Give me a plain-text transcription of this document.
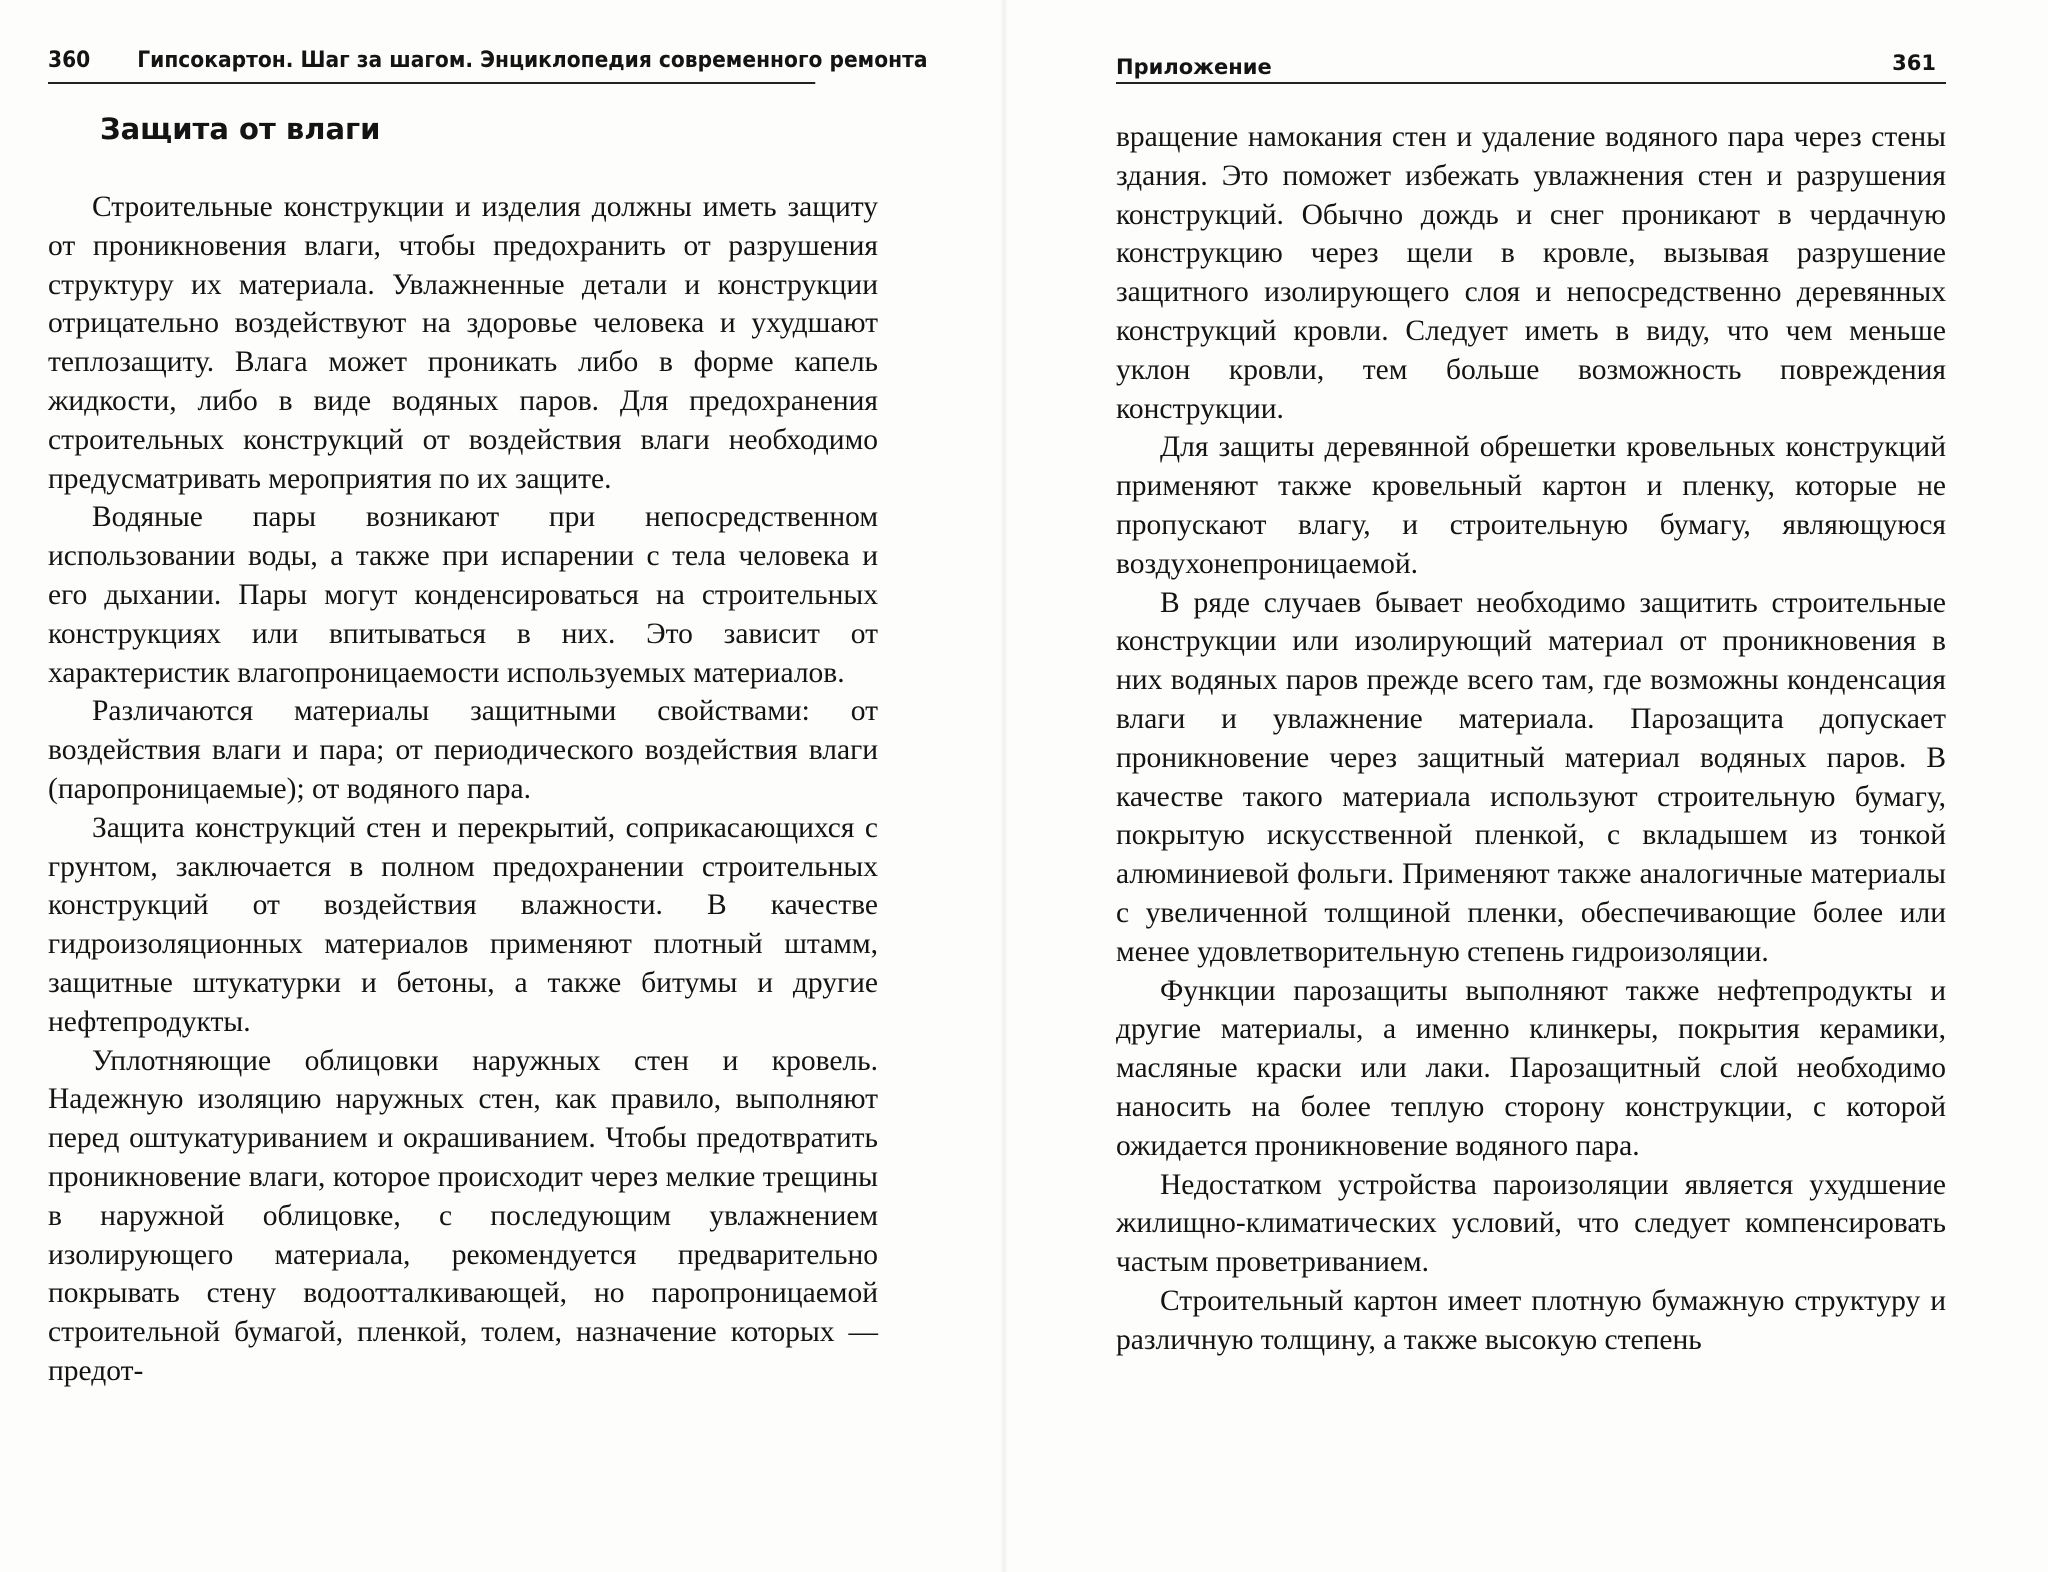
360 Гипсокартон. Шаг за шагом. Энциклопедия современного ремонта
Защита от влаги

Строительные конструкции и изделия должны иметь защиту от проникновения влаги, чтобы предохранить от разрушения структуру их материала. Увлажненные детали и конструкции отрицательно воздействуют на здоровье человека и ухудшают теплозащиту. Влага может проникать либо в форме капель жидкости, либо в виде водяных паров. Для предохранения строительных конструкций от воздействия влаги необходимо предусматривать мероприятия по их защите.

Водяные пары возникают при непосредственном использовании воды, а также при испарении с тела человека и его дыхании. Пары могут конденсироваться на строительных конструкциях или впитываться в них. Это зависит от характеристик влагопроницаемости используемых материалов.

Различаются материалы защитными свойствами: от воздействия влаги и пара; от периодического воздействия влаги (паропроницаемые); от водяного пара.

Защита конструкций стен и перекрытий, соприкасающихся с грунтом, заключается в полном предохранении строительных конструкций от воздействия влажности. В качестве гидроизоляционных материалов применяют плотный штамм, защитные штукатурки и бетоны, а также битумы и другие нефтепродукты.

Уплотняющие облицовки наружных стен и кровель. Надежную изоляцию наружных стен, как правило, выполняют перед оштукатуриванием и окрашиванием. Чтобы предотвратить проникновение влаги, которое происходит через мелкие трещины в наружной облицовке, с последующим увлажнением изолирующего материала, рекомендуется предварительно покрывать стену водоотталкивающей, но паропроницаемой строительной бумагой, пленкой, толем, назначение которых — предот-

Приложение	361

вращение намокания стен и удаление водяного пара через стены здания. Это поможет избежать увлажнения стен и разрушения конструкций. Обычно дождь и снег проникают в чердачную конструкцию через щели в кровле, вызывая разрушение защитного изолирующего слоя и непосредственно деревянных конструкций кровли. Следует иметь в виду, что чем меньше уклон кровли, тем больше возможность повреждения конструкции.

Для защиты деревянной обрешетки кровельных конструкций применяют также кровельный картон и пленку, которые не пропускают влагу, и строительную бумагу, являющуюся воздухонепроницаемой.

В ряде случаев бывает необходимо защитить строительные конструкции или изолирующий материал от проникновения в них водяных паров прежде всего там, где возможны конденсация влаги и увлажнение материала. Парозащита допускает проникновение через защитный материал водяных паров. В качестве такого материала используют строительную бумагу, покрытую искусственной пленкой, с вкладышем из тонкой алюминиевой фольги. Применяют также аналогичные материалы с увеличенной толщиной пленки, обеспечивающие более или менее удовлетворительную степень гидроизоляции.

Функции парозащиты выполняют также нефтепродукты и другие материалы, а именно клинкеры, покрытия керамики, масляные краски или лаки. Парозащитный слой необходимо наносить на более теплую сторону конструкции, с которой ожидается проникновение водяного пара.

Недостатком устройства пароизоляции является ухудшение жилищно-климатических условий, что следует компенсировать частым проветриванием.

Строительный картон имеет плотную бумажную структуру и различную толщину, а также высокую степень
